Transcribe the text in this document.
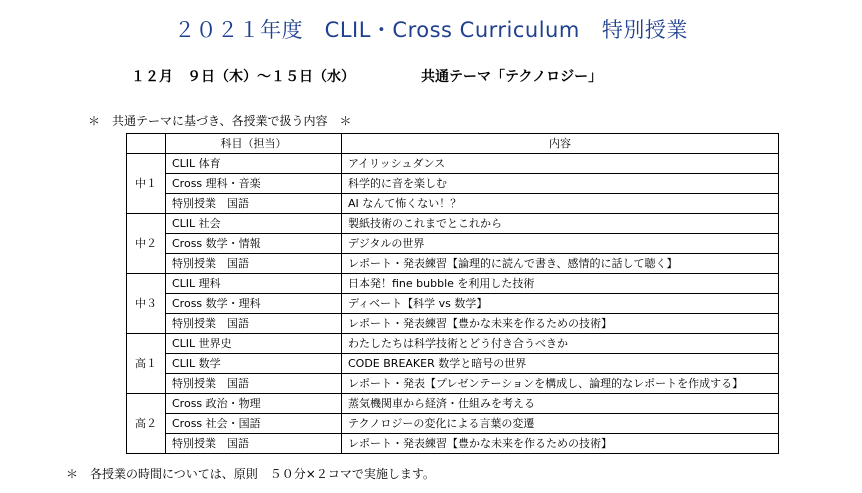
２０２１年度　CLIL・Cross Curriculum 特別授業
１２月　９日（木）～１５日（水）	共通テーマ「テクノロジー」
＊　共通テーマに基づき、各授業で扱う内容　＊
	科目（担当）	内容
中１	CLIL 体育	アイリッシュダンス
	Cross 理科・音楽	科学的に音を楽しむ
	特別授業　国語	AI なんて怖くない！？
中２	CLIL 社会	製紙技術のこれまでとこれから
	Cross 数学・情報	デジタルの世界
	特別授業　国語	レポート・発表練習【論理的に読んで書き、感情的に話して聴く】
中３	CLIL 理科	日本発！fine bubble を利用した技術
	Cross 数学・理科	ディベート【科学 vs 数学】
	特別授業　国語	レポート・発表練習【豊かな未来を作るための技術】
高１	CLIL 世界史	わたしたちは科学技術とどう付き合うべきか
	CLIL 数学	CODE BREAKER 数学と暗号の世界
	特別授業　国語	レポート・発表【プレゼンテーションを構成し、論理的なレポートを作成する】
高２	Cross 政治・物理	蒸気機関車から経済・仕組みを考える
	Cross 社会・国語	テクノロジーの変化による言葉の変遷
	特別授業　国語	レポート・発表練習【豊かな未来を作るための技術】
＊　各授業の時間については、原則　５０分×２コマで実施します。
